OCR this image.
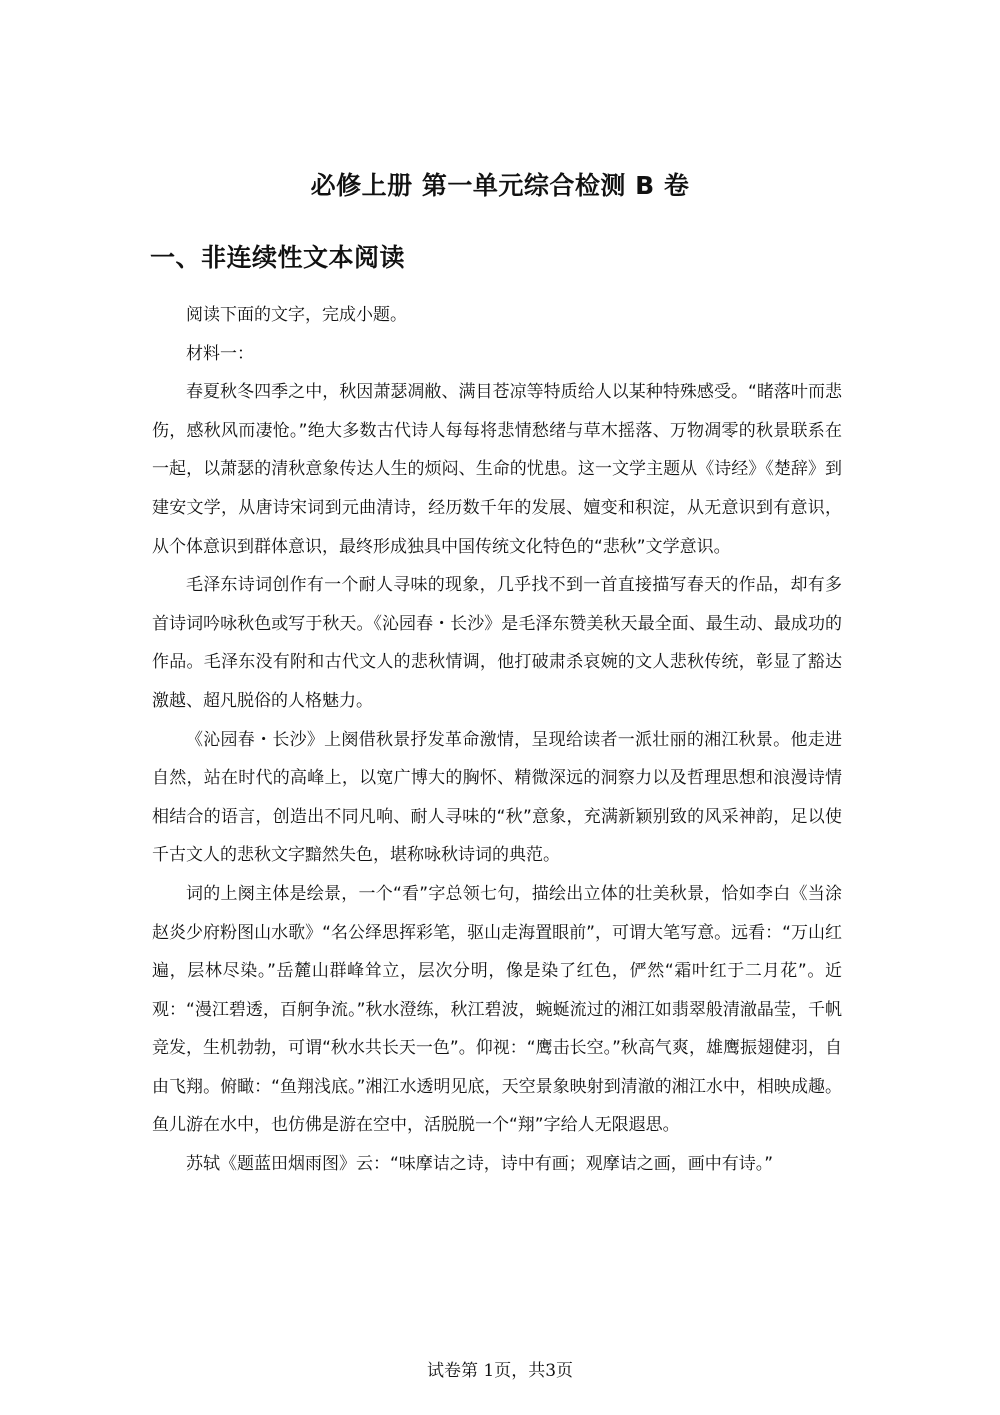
必修上册 第一单元综合检测 B 卷
一、非连续性文本阅读

阅读下面的文字，完成小题。

材料一：

春夏秋冬四季之中，秋因萧瑟凋敝、满目苍凉等特质给人以某种特殊感受。“睹落叶而悲伤，感秋风而凄怆。”绝大多数古代诗人每每将悲情愁绪与草木摇落、万物凋零的秋景联系在一起，以萧瑟的清秋意象传达人生的烦闷、生命的忧患。这一文学主题从《诗经》《楚辞》到建安文学，从唐诗宋词到元曲清诗，经历数千年的发展、嬗变和积淀，从无意识到有意识，从个体意识到群体意识，最终形成独具中国传统文化特色的“悲秋”文学意识。

毛泽东诗词创作有一个耐人寻味的现象，几乎找不到一首直接描写春天的作品，却有多首诗词吟咏秋色或写于秋天。《沁园春・长沙》是毛泽东赞美秋天最全面、最生动、最成功的作品。毛泽东没有附和古代文人的悲秋情调，他打破肃杀哀婉的文人悲秋传统，彰显了豁达激越、超凡脱俗的人格魅力。

《沁园春・长沙》上阕借秋景抒发革命激情，呈现给读者一派壮丽的湘江秋景。他走进自然，站在时代的高峰上，以宽广博大的胸怀、精微深远的洞察力以及哲理思想和浪漫诗情相结合的语言，创造出不同凡响、耐人寻味的“秋”意象，充满新颖别致的风采神韵，足以使千古文人的悲秋文字黯然失色，堪称咏秋诗词的典范。

词的上阕主体是绘景，一个“看”字总领七句，描绘出立体的壮美秋景，恰如李白《当涂赵炎少府粉图山水歌》“名公绎思挥彩笔，驱山走海置眼前”，可谓大笔写意。远看：“万山红遍，层林尽染。”岳麓山群峰耸立，层次分明，像是染了红色，俨然“霜叶红于二月花”。近观：“漫江碧透，百舸争流。”秋水澄练，秋江碧波，蜿蜒流过的湘江如翡翠般清澈晶莹，千帆竞发，生机勃勃，可谓“秋水共长天一色”。仰视：“鹰击长空。”秋高气爽，雄鹰振翅健羽，自由飞翔。俯瞰：“鱼翔浅底。”湘江水透明见底，天空景象映射到清澈的湘江水中，相映成趣。鱼儿游在水中，也仿佛是游在空中，活脱脱一个“翔”字给人无限遐思。

苏轼《题蓝田烟雨图》云：“味摩诘之诗，诗中有画；观摩诘之画，画中有诗。”

试卷第 1页，共3页
